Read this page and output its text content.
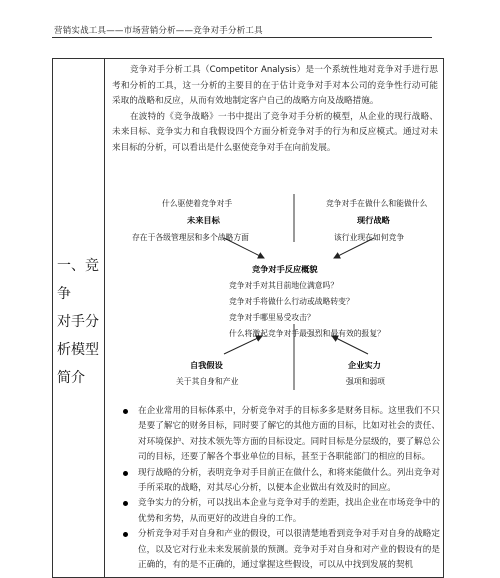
营销实战工具——市场营销分析——竞争对手分析工具
一、竞争
对手分
析模型
简介

竞争对手分析工具（Competitor Analysis）是一个系统性地对竞争对手进行思考和分析的工具，这一分析的主要目的在于估计竞争对手对本公司的竞争性行动可能采取的战略和反应，从而有效地制定客户自己的战略方向及战略措施。

在波特的《竞争战略》一书中提出了竞争对手分析的模型，从企业的现行战略、未来目标、竞争实力和自我假设四个方面分析竞争对手的行为和反应模式。通过对未来目标的分析，可以看出是什么驱使竞争对手在向前发展。

什么驱使着竞争对手
未来目标
存在于各级管理层和多个战略方面
竞争对手在做什么和能做什么
现行战略
该行业现在如何竞争
竞争对手反应概貌
竞争对手对其目前地位满意吗？
竞争对手将做什么行动或战略转变？
竞争对手哪里易受攻击？
什么将激起竞争对手最强烈和最有效的报复？
自我假设
关于其自身和产业
企业实力
强项和弱项
在企业常用的目标体系中，分析竞争对手的目标多多是财务目标。这里我们不只是要了解它的财务目标，同时要了解它的其他方面的目标，比如对社会的责任、对环境保护、对技术领先等方面的目标设定。同时目标是分层级的，要了解总公司的目标，还要了解各个事业单位的目标，甚至于各职能部门的相应的目标。
现行战略的分析，表明竞争对手目前正在做什么，和将来能做什么。列出竞争对手所采取的战略，对其尽心分析，以便本企业做出有效及时的回应。
竞争实力的分析，可以找出本企业与竞争对手的差距，找出企业在市场竞争中的优势和劣势，从而更好的改进自身的工作。
分析竞争对手对自身和产业的假设，可以很清楚地看到竞争对手对自身的战略定位，以及它对行业未来发展前景的预测。竞争对手对自身和对产业的假设有的是正确的，有的是不正确的，通过掌握这些假设，可以从中找到发展的契机
